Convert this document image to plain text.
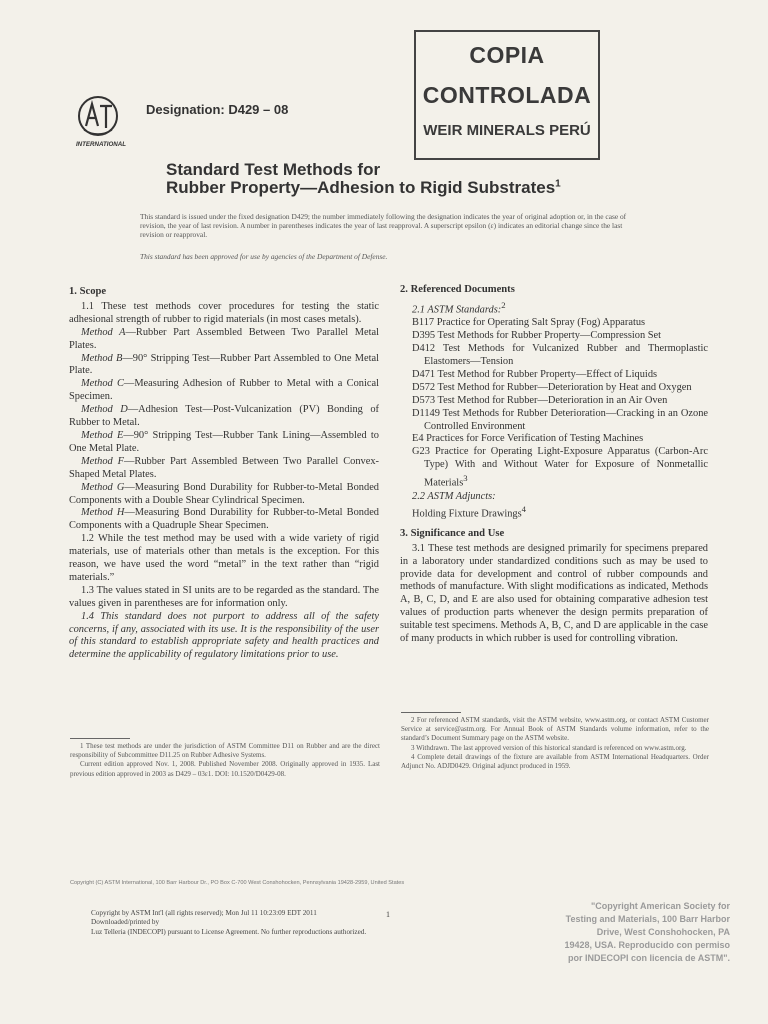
INTERNATIONAL
Designation: D429 – 08
COPIA
CONTROLADA
WEIR MINERALS PERÚ
Standard Test Methods for
Rubber Property—Adhesion to Rigid Substrates$^1$
This standard is issued under the fixed designation D429; the number immediately following the designation indicates the year of original adoption or, in the case of revision, the year of last revision. A number in parentheses indicates the year of last reapproval. A superscript epsilon (ε) indicates an editorial change since the last revision or reapproval.
This standard has been approved for use by agencies of the Department of Defense.

1. Scope

1.1 These test methods cover procedures for testing the static adhesional strength of rubber to rigid materials (in most cases metals).

Method A—Rubber Part Assembled Between Two Parallel Metal Plates.

Method B—90° Stripping Test—Rubber Part Assembled to One Metal Plate.

Method C—Measuring Adhesion of Rubber to Metal with a Conical Specimen.

Method D—Adhesion Test—Post-Vulcanization (PV) Bonding of Rubber to Metal.

Method E—90° Stripping Test—Rubber Tank Lining—Assembled to One Metal Plate.

Method F—Rubber Part Assembled Between Two Parallel Convex-Shaped Metal Plates.

Method G—Measuring Bond Durability for Rubber-to-Metal Bonded Components with a Double Shear Cylindrical Specimen.

Method H—Measuring Bond Durability for Rubber-to-Metal Bonded Components with a Quadruple Shear Specimen.

1.2 While the test method may be used with a wide variety of rigid materials, use of materials other than metals is the exception. For this reason, we have used the word “metal” in the text rather than “rigid materials.”

1.3 The values stated in SI units are to be regarded as the standard. The values given in parentheses are for information only.

1.4 This standard does not purport to address all of the safety concerns, if any, associated with its use. It is the responsibility of the user of this standard to establish appropriate safety and health practices and determine the applicability of regulatory limitations prior to use.

2. Referenced Documents

2.1 ASTM Standards:$^2$

B117 Practice for Operating Salt Spray (Fog) Apparatus

D395 Test Methods for Rubber Property—Compression Set

D412 Test Methods for Vulcanized Rubber and Thermoplastic Elastomers—Tension

D471 Test Method for Rubber Property—Effect of Liquids

D572 Test Method for Rubber—Deterioration by Heat and Oxygen

D573 Test Method for Rubber—Deterioration in an Air Oven

D1149 Test Methods for Rubber Deterioration—Cracking in an Ozone Controlled Environment

E4 Practices for Force Verification of Testing Machines

G23 Practice for Operating Light-Exposure Apparatus (Carbon-Arc Type) With and Without Water for Exposure of Nonmetallic Materials$^3$

2.2 ASTM Adjuncts:

Holding Fixture Drawings$^4$

3. Significance and Use

3.1 These test methods are designed primarily for specimens prepared in a laboratory under standardized conditions such as may be used to provide data for development and control of rubber compounds and methods of manufacture. With slight modifications as indicated, Methods A, B, C, D, and E are also used for obtaining comparative adhesion test values of production parts whenever the design permits preparation of suitable test specimens. Methods A, B, C, and D are applicable in the case of many products in which rubber is used for controlling vibration.

1 These test methods are under the jurisdiction of ASTM Committee D11 on Rubber and are the direct responsibility of Subcommittee D11.25 on Rubber Adhesive Systems.

Current edition approved Nov. 1, 2008. Published November 2008. Originally approved in 1935. Last previous edition approved in 2003 as D429 – 03ε1. DOI: 10.1520/D0429-08.

2 For referenced ASTM standards, visit the ASTM website, www.astm.org, or contact ASTM Customer Service at service@astm.org. For Annual Book of ASTM Standards volume information, refer to the standard’s Document Summary page on the ASTM website.

3 Withdrawn. The last approved version of this historical standard is referenced on www.astm.org.

4 Complete detail drawings of the fixture are available from ASTM International Headquarters. Order Adjunct No. ADJD0429. Original adjunct produced in 1959.

Copyright (C) ASTM International, 100 Barr Harbour Dr., PO Box C-700 West Conshohocken, Pennsylvania 19428-2959, United States
Copyright by ASTM Int'l (all rights reserved); Mon Jul 11 10:23:09 EDT 2011
Downloaded/printed by
Luz Telleria (INDECOPI) pursuant to License Agreement. No further reproductions authorized.
1
"Copyright American Society for
Testing and Materials, 100 Barr Harbor
Drive, West Conshohocken, PA
19428, USA. Reproducido con permiso
por INDECOPI con licencia de ASTM".
